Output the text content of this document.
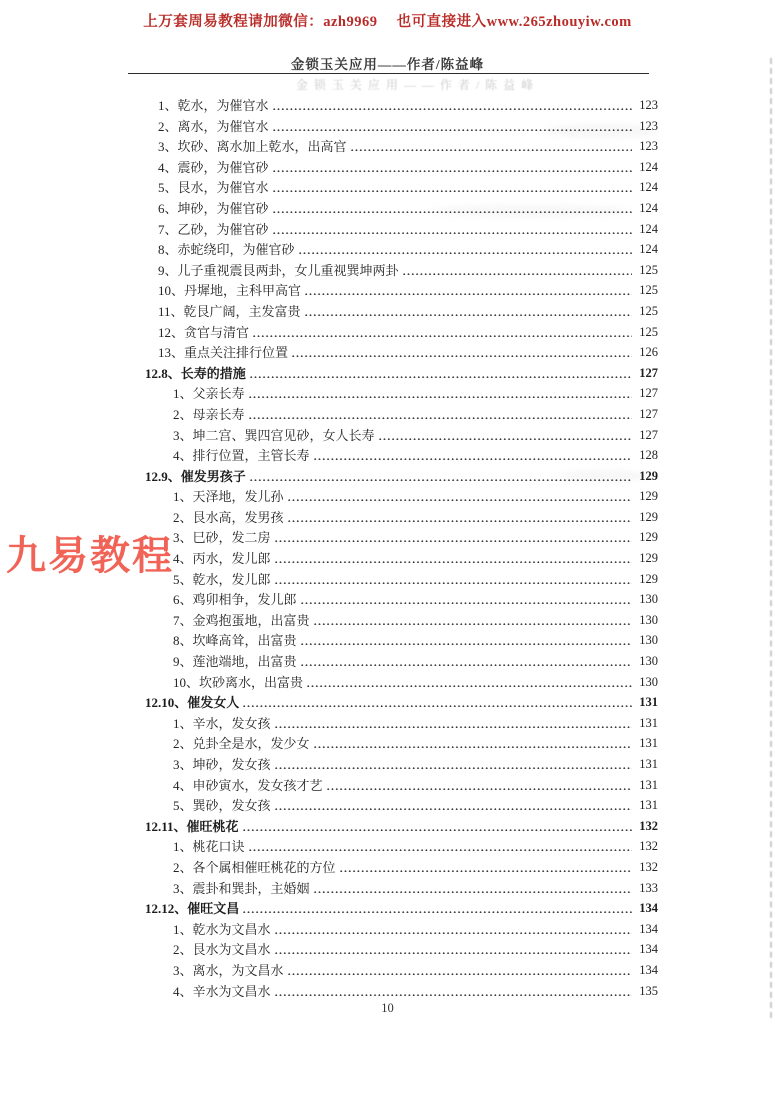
上万套周易教程请加微信：azh9969　 也可直接进入www.265zhouyiw.com
金锁玉关应用——作者/陈益峰
金锁玉关应用——作者/陈益峰
九易教程
1、乾水，为催官水	123
2、离水，为催官水	123
3、坎砂、离水加上乾水，出高官	123
4、震砂，为催官砂	124
5、艮水，为催官水	124
6、坤砂，为催官砂	124
7、乙砂，为催官砂	124
8、赤蛇绕印，为催官砂	124
9、儿子重视震艮两卦，女儿重视巽坤两卦	125
10、丹墀地，主科甲高官	125
11、乾艮广阔，主发富贵	125
12、贪官与清官	125
13、重点关注排行位置	126
12.8、长寿的措施	127
1、父亲长寿	127
2、母亲长寿	127
3、坤二宫、巽四宫见砂，女人长寿	127
4、排行位置，主管长寿	128
12.9、催发男孩子	129
1、天泽地，发儿孙	129
2、艮水高，发男孩	129
3、巳砂，发二房	129
4、丙水，发儿郎	129
5、乾水，发儿郎	129
6、鸡卯相争，发儿郎	130
7、金鸡抱蛋地，出富贵	130
8、坎峰高耸，出富贵	130
9、莲池端地，出富贵	130
10、坎砂离水，出富贵	130
12.10、催发女人	131
1、辛水，发女孩	131
2、兑卦全是水，发少女	131
3、坤砂，发女孩	131
4、申砂寅水，发女孩才艺	131
5、巽砂，发女孩	131
12.11、催旺桃花	132
1、桃花口诀	132
2、各个属相催旺桃花的方位	132
3、震卦和巽卦，主婚姻	133
12.12、催旺文昌	134
1、乾水为文昌水	134
2、艮水为文昌水	134
3、离水，为文昌水	134
4、辛水为文昌水	135
10
